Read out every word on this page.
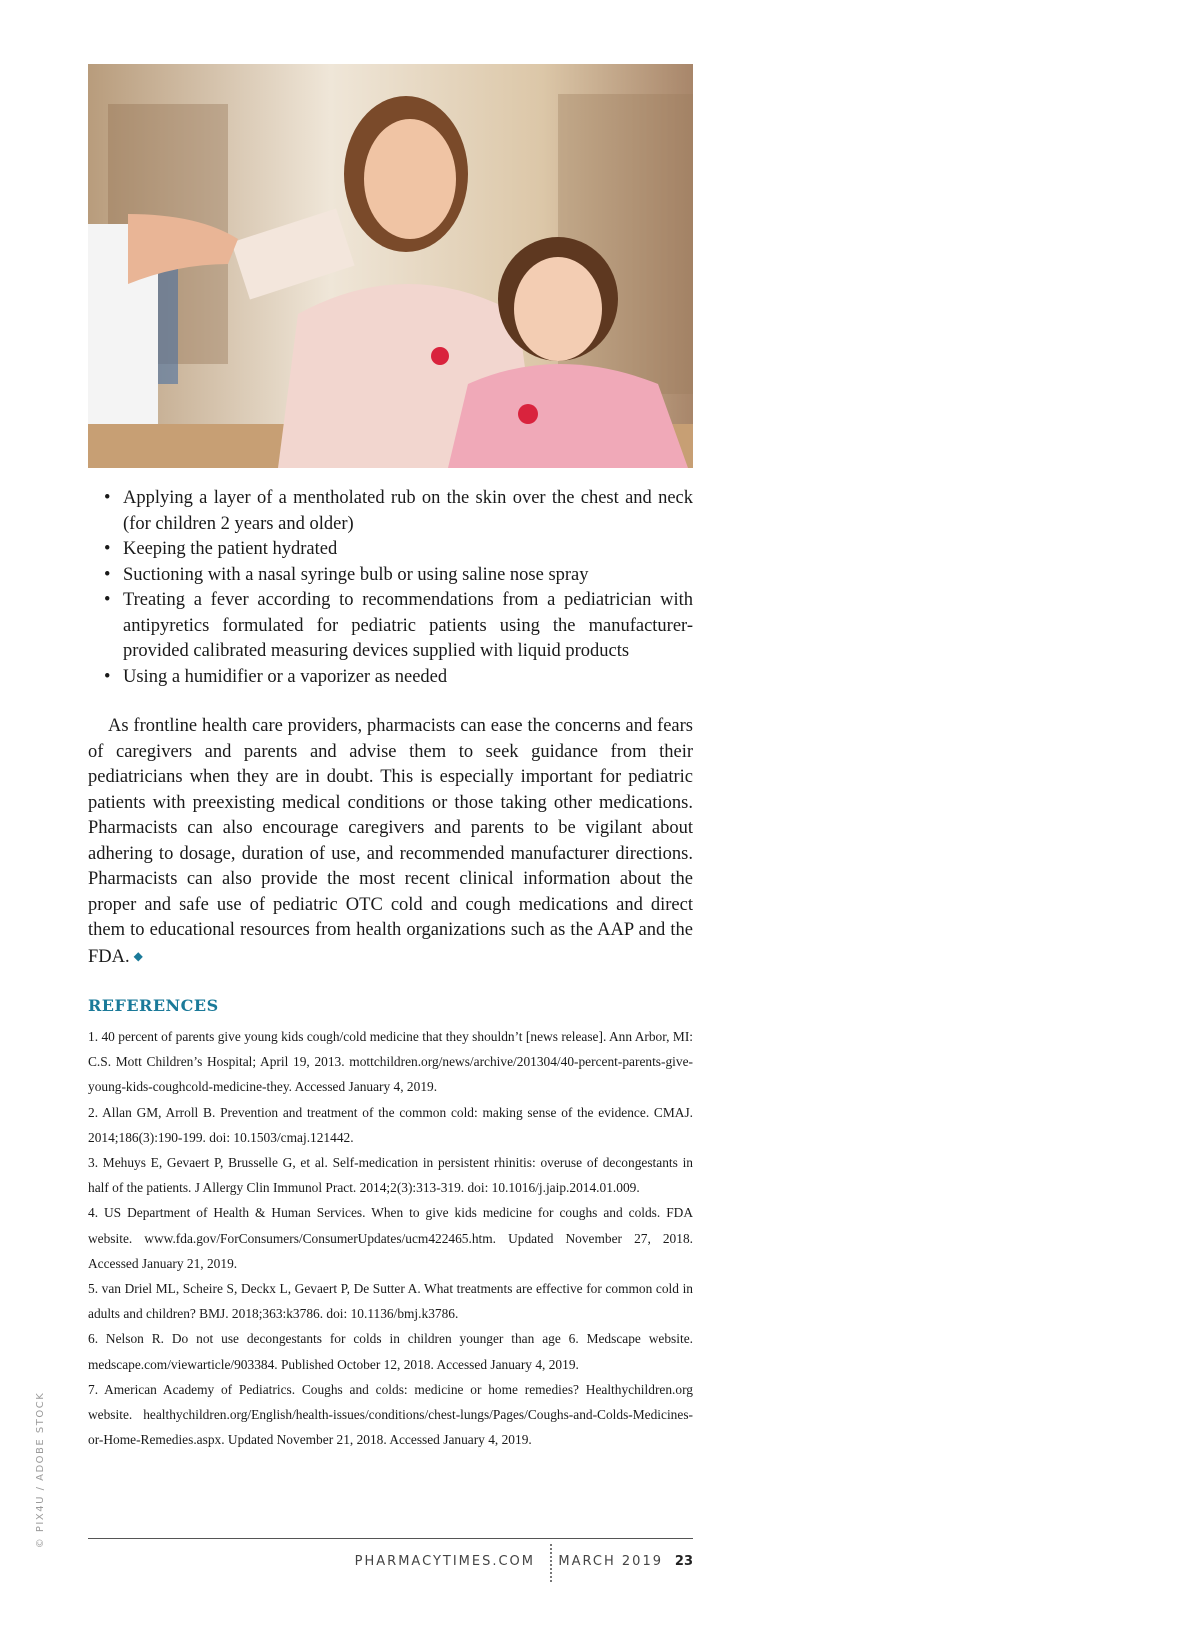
• Applying a layer of a mentholated rub on the skin over the chest and neck (for children 2 years and older)
• Keeping the patient hydrated
• Suctioning with a nasal syringe bulb or using saline nose spray
• Treating a fever according to recommendations from a pediatrician with antipyretics formulated for pediatric patients using the manufacturer-provided calibrated measuring devices supplied with liquid products
• Using a humidifier or a vaporizer as needed

As frontline health care providers, pharmacists can ease the concerns and fears of caregivers and parents and advise them to seek guidance from their pediatricians when they are in doubt. This is especially important for pediatric patients with preexisting medical conditions or those taking other medications. Pharmacists can also encourage caregivers and parents to be vigilant about adhering to dosage, duration of use, and recommended manufacturer directions. Pharmacists can also provide the most recent clinical information about the proper and safe use of pediatric OTC cold and cough medications and direct them to educational resources from health organizations such as the AAP and the FDA. ◆

REFERENCES
1. 40 percent of parents give young kids cough/cold medicine that they shouldn’t [news release]. Ann Arbor, MI: C.S. Mott Children’s Hospital; April 19, 2013. mottchildren.org/news/archive/201304/40-percent-parents-give-young-kids-coughcold-medicine-they. Accessed January 4, 2019.
2. Allan GM, Arroll B. Prevention and treatment of the common cold: making sense of the evidence. CMAJ. 2014;186(3):190-199. doi: 10.1503/cmaj.121442.
3. Mehuys E, Gevaert P, Brusselle G, et al. Self-medication in persistent rhinitis: overuse of decongestants in half of the patients. J Allergy Clin Immunol Pract. 2014;2(3):313-319. doi: 10.1016/j.jaip.2014.01.009.
4. US Department of Health & Human Services. When to give kids medicine for coughs and colds. FDA website. www.fda.gov/ForConsumers/ConsumerUpdates/ucm422465.htm. Updated November 27, 2018. Accessed January 21, 2019.
5. van Driel ML, Scheire S, Deckx L, Gevaert P, De Sutter A. What treatments are effective for common cold in adults and children? BMJ. 2018;363:k3786. doi: 10.1136/bmj.k3786.
6. Nelson R. Do not use decongestants for colds in children younger than age 6. Medscape website. medscape.com/viewarticle/903384. Published October 12, 2018. Accessed January 4, 2019.
7. American Academy of Pediatrics. Coughs and colds: medicine or home remedies? Healthychildren.org website. healthychildren.org/English/health-issues/conditions/chest-lungs/Pages/Coughs-and-Colds-Medicines-or-Home-Remedies.aspx. Updated November 21, 2018. Accessed January 4, 2019.
© PIX4U / ADOBE STOCK
PHARMACYTIMES.COM MARCH 2019 23
